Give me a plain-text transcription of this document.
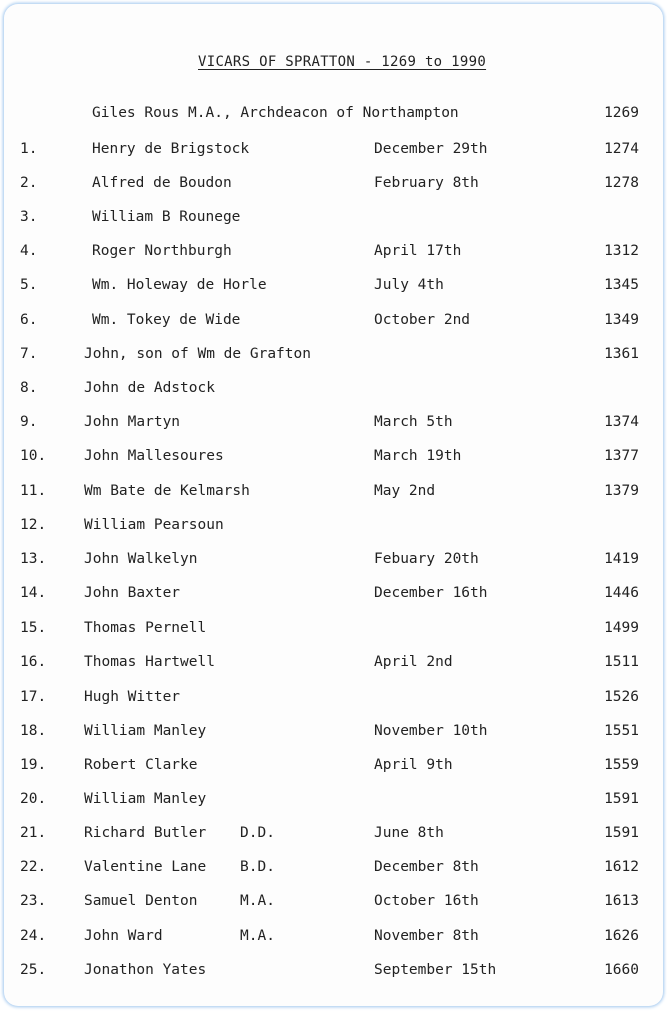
VICARS OF SPRATTON - 1269 to 1990
Giles Rous M.A., Archdeacon of Northampton	1269
1.	Henry de Brigstock	December 29th	1274
2.	Alfred de Boudon	February 8th	1278
3.	William B Rounege
4.	Roger Northburgh	April 17th	1312
5.	Wm. Holeway de Horle	July 4th	1345
6.	Wm. Tokey de Wide	October 2nd	1349
7.	John, son of Wm de Grafton	1361
8.	John de Adstock
9.	John Martyn	March 5th	1374
10.	John Mallesoures	March 19th	1377
11.	Wm Bate de Kelmarsh	May 2nd	1379
12.	William Pearsoun
13.	John Walkelyn	Febuary 20th	1419
14.	John Baxter	December 16th	1446
15.	Thomas Pernell	1499
16.	Thomas Hartwell	April 2nd	1511
17.	Hugh Witter	1526
18.	William Manley	November 10th	1551
19.	Robert Clarke	April 9th	1559
20.	William Manley	1591
21.	Richard Butler D.D.	June 8th	1591
22.	Valentine Lane B.D.	December 8th	1612
23.	Samuel Denton	M.A.	October 16th	1613
24.	John Ward	M.A.	November 8th	1626
25.	Jonathon Yates	September 15th	1660
